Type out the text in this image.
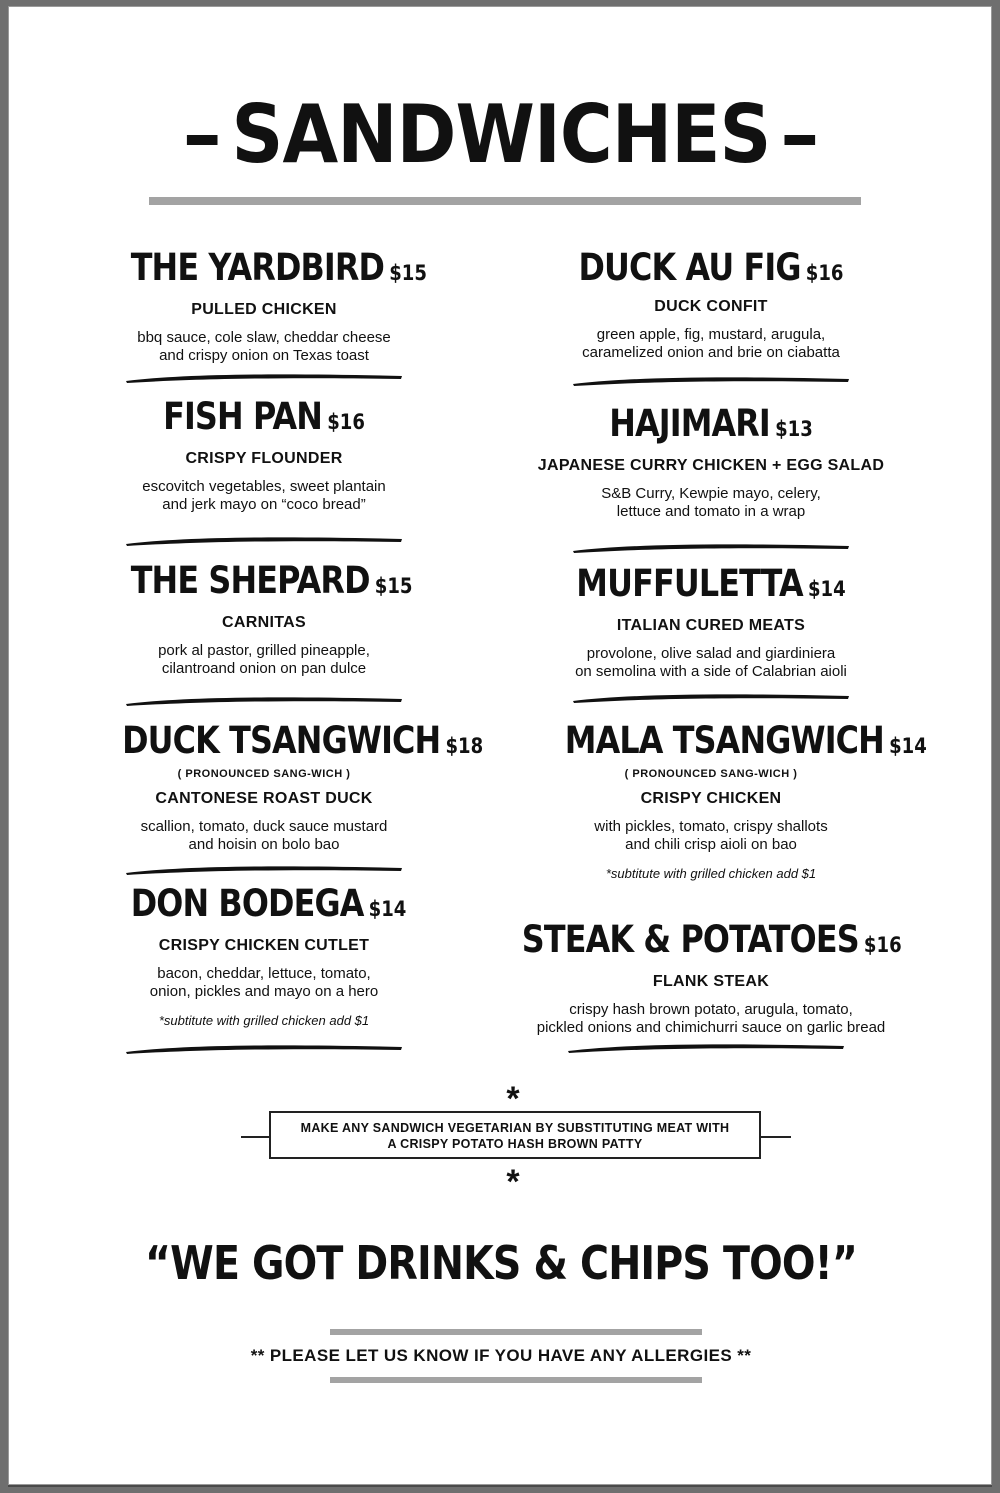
SANDWICHES
THE YARDBIRD $15
PULLED CHICKEN
bbq sauce, cole slaw, cheddar cheese
and crispy onion on Texas toast
FISH PAN $16
CRISPY FLOUNDER
escovitch vegetables, sweet plantain
and jerk mayo on “coco bread”
THE SHEPARD $15
CARNITAS
pork al pastor, grilled pineapple,
cilantroand onion on pan dulce
DUCK TSANGWICH $18
( PRONOUNCED SANG-WICH )
CANTONESE ROAST DUCK
scallion, tomato, duck sauce mustard
and hoisin on bolo bao
DON BODEGA $14
CRISPY CHICKEN CUTLET
bacon, cheddar, lettuce, tomato,
onion, pickles and mayo on a hero
*subtitute with grilled chicken add $1
DUCK AU FIG $16
DUCK CONFIT
green apple, fig, mustard, arugula,
caramelized onion and brie on ciabatta
HAJIMARI $13
JAPANESE CURRY CHICKEN + EGG SALAD
S&B Curry, Kewpie mayo, celery,
lettuce and tomato in a wrap
MUFFULETTA $14
ITALIAN CURED MEATS
provolone, olive salad and giardiniera
on semolina with a side of Calabrian aioli
MALA TSANGWICH $14
( PRONOUNCED SANG-WICH )
CRISPY CHICKEN
with pickles, tomato, crispy shallots
and chili crisp aioli on bao
*subtitute with grilled chicken add $1
STEAK & POTATOES $16
FLANK STEAK
crispy hash brown potato, arugula, tomato,
pickled onions and chimichurri sauce on garlic bread
*
MAKE ANY SANDWICH VEGETARIAN BY SUBSTITUTING MEAT WITH
A CRISPY POTATO HASH BROWN PATTY
*
“WE GOT DRINKS & CHIPS TOO!”
** PLEASE LET US KNOW IF YOU HAVE ANY ALLERGIES **
